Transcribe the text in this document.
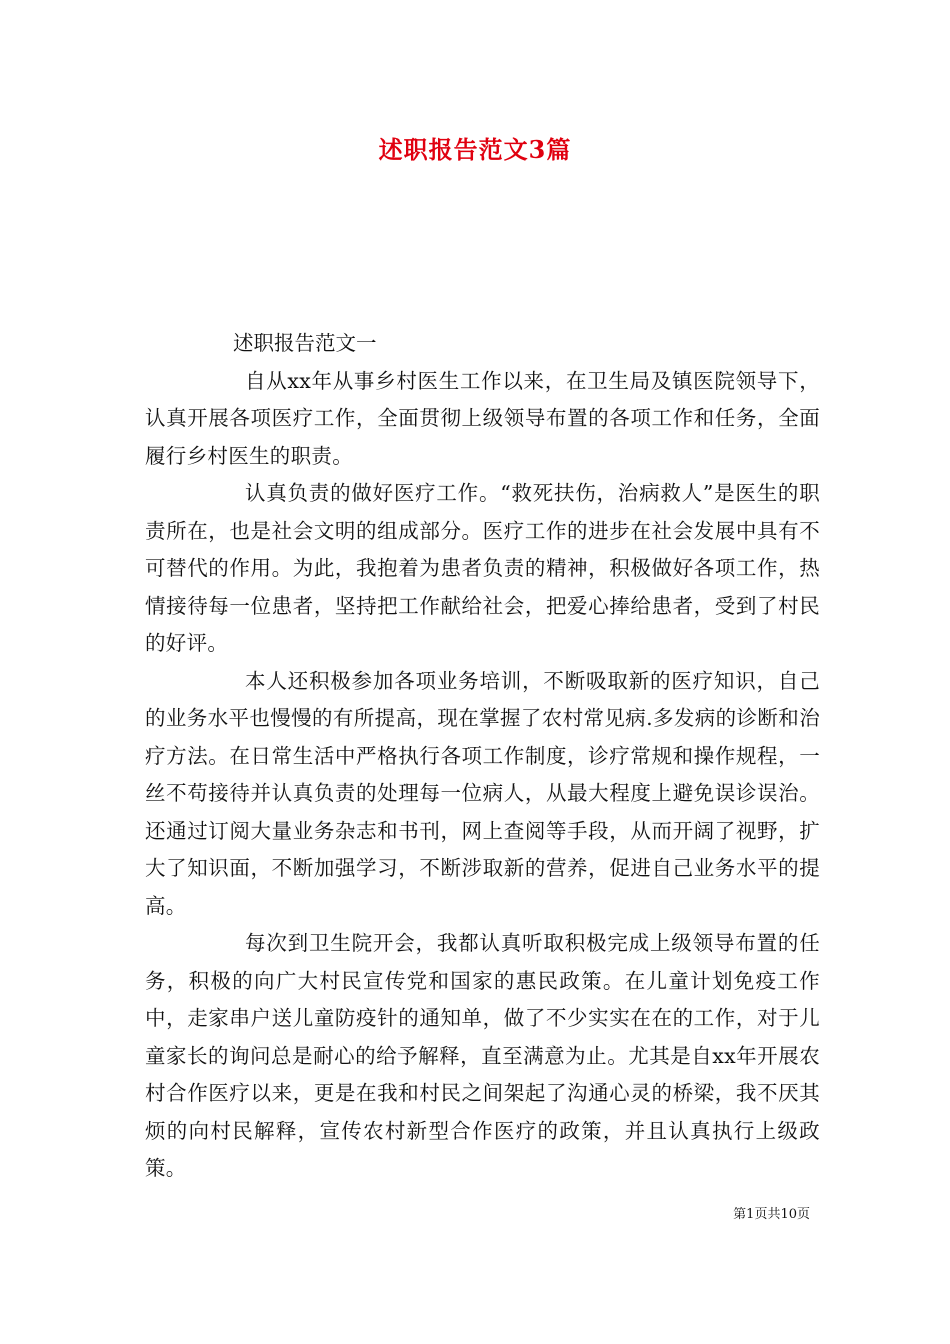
述职报告范文3篇

述职报告范文一

自从xx年从事乡村医生工作以来，在卫生局及镇医院领导下，认真开展各项医疗工作，全面贯彻上级领导布置的各项工作和任务，全面履行乡村医生的职责。

认真负责的做好医疗工作。“救死扶伤，治病救人”是医生的职责所在，也是社会文明的组成部分。医疗工作的进步在社会发展中具有不可替代的作用。为此，我抱着为患者负责的精神，积极做好各项工作，热情接待每一位患者，坚持把工作献给社会，把爱心捧给患者，受到了村民的好评。

本人还积极参加各项业务培训，不断吸取新的医疗知识，自己的业务水平也慢慢的有所提高，现在掌握了农村常见病.多发病的诊断和治疗方法。在日常生活中严格执行各项工作制度，诊疗常规和操作规程，一丝不苟接待并认真负责的处理每一位病人，从最大程度上避免误诊误治。还通过订阅大量业务杂志和书刊，网上查阅等手段，从而开阔了视野，扩大了知识面，不断加强学习，不断涉取新的营养，促进自己业务水平的提高。

每次到卫生院开会，我都认真听取积极完成上级领导布置的任务，积极的向广大村民宣传党和国家的惠民政策。在儿童计划免疫工作中，走家串户送儿童防疫针的通知单，做了不少实实在在的工作，对于儿童家长的询问总是耐心的给予解释，直至满意为止。尤其是自xx年开展农村合作医疗以来，更是在我和村民之间架起了沟通心灵的桥梁，我不厌其烦的向村民解释，宣传农村新型合作医疗的政策，并且认真执行上级政策。

第1页共10页
